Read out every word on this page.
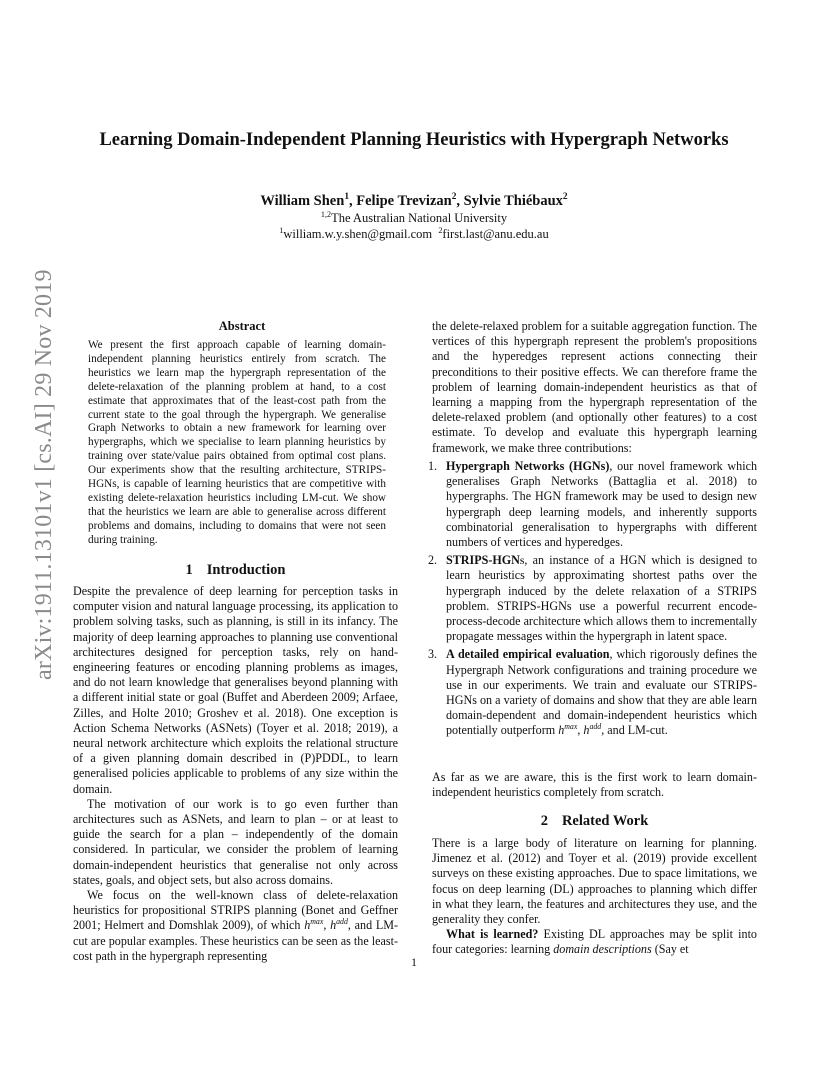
Learning Domain-Independent Planning Heuristics with Hypergraph Networks
William Shen$^1$, Felipe Trevizan$^2$, Sylvie Thiébaux$^2$
$^{1,2}$The Australian National University
$^1$william.w.y.shen@gmail.com $^2$first.last@anu.edu.au
arXiv:1911.13101v1 [cs.AI] 29 Nov 2019	Abstract
We present the first approach capable of learning domain-independent planning heuristics entirely from scratch. The heuristics we learn map the hypergraph representation of the delete-relaxation of the planning problem at hand, to a cost estimate that approximates that of the least-cost path from the current state to the goal through the hypergraph. We generalise Graph Networks to obtain a new framework for learning over hypergraphs, which we specialise to learn planning heuristics by training over state/value pairs obtained from optimal cost plans. Our experiments show that the resulting architecture, STRIPS-HGNs, is capable of learning heuristics that are competitive with existing delete-relaxation heuristics including LM-cut. We show that the heuristics we learn are able to generalise across different problems and domains, including to domains that were not seen during training.
1 Introduction

Despite the prevalence of deep learning for perception tasks in computer vision and natural language processing, its application to problem solving tasks, such as planning, is still in its infancy. The majority of deep learning approaches to planning use conventional architectures designed for perception tasks, rely on hand-engineering features or encoding planning problems as images, and do not learn knowledge that generalises beyond planning with a different initial state or goal (Buffet and Aberdeen 2009; Arfaee, Zilles, and Holte 2010; Groshev et al. 2018). One exception is Action Schema Networks (ASNets) (Toyer et al. 2018; 2019), a neural network architecture which exploits the relational structure of a given planning domain described in (P)PDDL, to learn generalised policies applicable to problems of any size within the domain.

The motivation of our work is to go even further than architectures such as ASNets, and learn to plan – or at least to guide the search for a plan – independently of the domain considered. In particular, we consider the problem of learning domain-independent heuristics that generalise not only across states, goals, and object sets, but also across domains.

We focus on the well-known class of delete-relaxation heuristics for propositional STRIPS planning (Bonet and Geffner 2001; Helmert and Domshlak 2009), of which $h^{max}$, $h^{add}$, and LM-cut are popular examples. These heuristics can be seen as the least-cost path in the hypergraph representing

the delete-relaxed problem for a suitable aggregation function. The vertices of this hypergraph represent the problem's propositions and the hyperedges represent actions connecting their preconditions to their positive effects. We can therefore frame the problem of learning domain-independent heuristics as that of learning a mapping from the hypergraph representation of the delete-relaxed problem (and optionally other features) to a cost estimate. To develop and evaluate this hypergraph learning framework, we make three contributions:
1. Hypergraph Networks (HGNs), our novel framework which generalises Graph Networks (Battaglia et al. 2018) to hypergraphs. The HGN framework may be used to design new hypergraph deep learning models, and inherently supports combinatorial generalisation to hypergraphs with different numbers of vertices and hyperedges.
2. STRIPS-HGNs, an instance of a HGN which is designed to learn heuristics by approximating shortest paths over the hypergraph induced by the delete relaxation of a STRIPS problem. STRIPS-HGNs use a powerful recurrent encode-process-decode architecture which allows them to incrementally propagate messages within the hypergraph in latent space.
3. A detailed empirical evaluation, which rigorously defines the Hypergraph Network configurations and training procedure we use in our experiments. We train and evaluate our STRIPS-HGNs on a variety of domains and show that they are able learn domain-dependent and domain-independent heuristics which potentially outperform $h^{max}$, $h^{add}$, and LM-cut.
As far as we are aware, this is the first work to learn domain-independent heuristics completely from scratch.
2 Related Work

There is a large body of literature on learning for planning. Jimenez et al. (2012) and Toyer et al. (2019) provide excellent surveys on these existing approaches. Due to space limitations, we focus on deep learning (DL) approaches to planning which differ in what they learn, the features and architectures they use, and the generality they confer.

What is learned? Existing DL approaches may be split into four categories: learning domain descriptions (Say et

1
